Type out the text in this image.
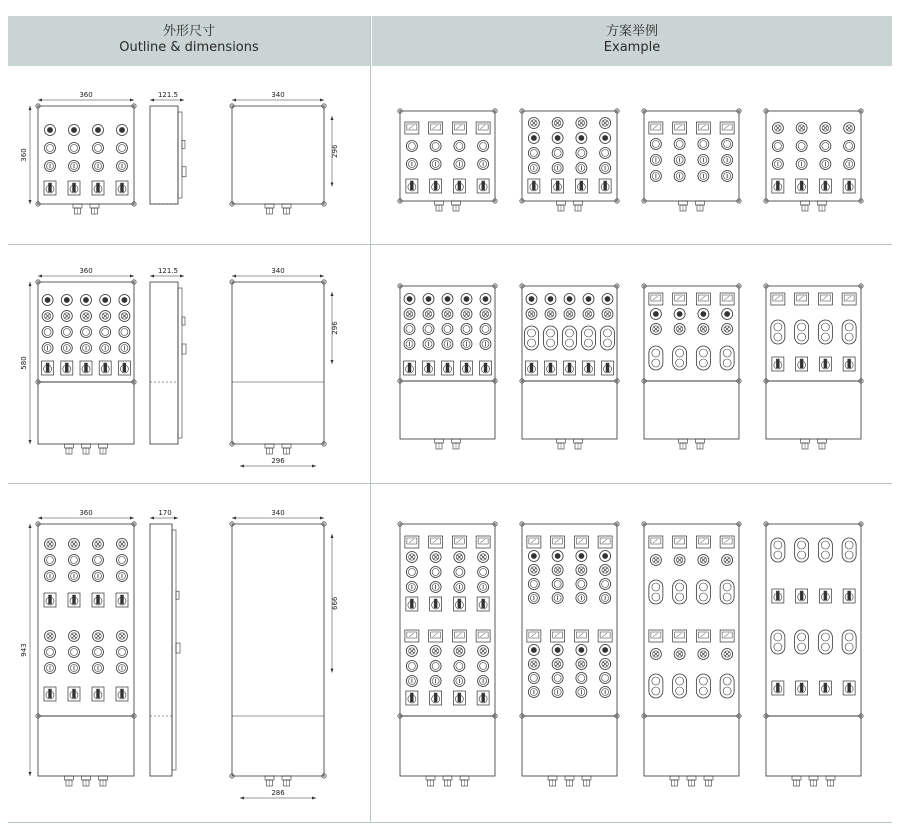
外形尺寸
Outline & dimensions
方案举例
Example
360
360
121.5	340
296
360
580
121.5	340
296
296
360
943
170	340
666
286
